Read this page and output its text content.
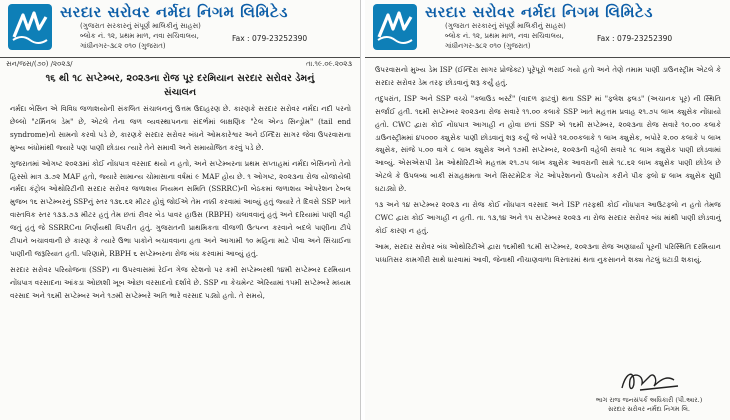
સરદાર સરોવર નર્મદા નિગમ લિમિટેડ
(ગુજરાત સરકારનું સંપૂર્ણ માલિકીનું સાહસ)
બ્લોક નં. ૧૨, પ્રથમ માળ, નવા સચિવાલય,
ગાંધીનગર-૩૮૨ ૦૧૦ (ગુજરાત)
Fax : 079-23252390
સન/જસ/(૭૦) /૨૦૨૩/	તા.૧૯.૦૯.૨૦૨૩
૧૬ થી ૧૮ સપ્ટેમ્બર, ૨૦૨૩ના રોજ પૂર દરમિયાન સરદાર સરોવર ડેમનું
સંચાલન

નર્મદા બેસિન એ વિવિધ જળાશયોની સંકલિત સંચાલનનું ઉત્તમ ઉદાહરણ છે. કારણકે સરદાર સરોવર નર્મદા નદી પરનો છેલ્લો "ટર્મિનલ ડેમ" છે, એટલે તેના જળ વ્યવસ્થાપનના સંદર્ભમાં લાક્ષણિક "ટેલ એન્ડ સિન્ડ્રોમ" (tail end syndrome)નો સામનો કરવો પડે છે, કારણકે સરદાર સરોવર બંધને ઓમકારેશ્વર અને ઈન્દિરા સાગર જેવા ઉપરવાસના મુખ્ય બંધોમાંથી જ્યારે પણ પાણી છોડાય ત્યારે તેને સમાવી અને સમાયોજિત કરવું પડે છે.

ગુજરાતમાં ઓગષ્ટ ૨૦૨૩માં કોઈ નોંધપાત્ર વરસાદ થયો ન હતો, અને સપ્ટેમ્બરના પ્રથમ સપ્તાહમાં નર્મદા બેસિનનો તેનો હિસ્સો માત્ર ૩.૭૨ MAF હતો, જ્યારે સામાન્ય ચોમાસાના વર્ષમાં ૯ MAF હોય છે. ૧ ઓગષ્ટ, ૨૦૨૩ના રોજ યોજાયેલી નર્મદા કંટ્રોલ ઓથોરિટીની સરદાર સરોવર જળાશય નિયમન સમિતિ (SSRRC)ની બેઠકમાં જળાશય ઓપરેશન ટેબલ મુજબ ૧૬ સપ્ટેમ્બરનું SSPનું સ્તર ૧૩૬.૬૨ મીટર હોવું જોઈએ તેમ નક્કી કરવામાં આવ્યું હતું જ્યારે તે દિવસે SSP ખાતે વાસ્તવિક સ્તર ૧૩૩.૭૩ મીટર હતું તેમ છતાં રીવર બેડ પાવર હાઉસ (RBPH) ચલાવવાનું હતું અને દરિયામાં પાણી વહી જતું હતું જે SSRRCના નિર્ણયથી વિપરીત હતું. ગુજરાતની પ્રાથમિકતા વીજળી ઉત્પન્ન કરવાને બદલે પાણીના ટીપે ટીપાને બચાવવાની છે કારણ કે ત્યારે ઉભા પાકોને બચાવવાના હતા અને આગામી ૧૦ મહિના માટે પીવા અને સિંચાઈના પાણીની જરૂરિયાત હતી. પરિણામે, RBPH ૬ સપ્ટેમ્બરના રોજ બંધ કરવામાં આવ્યું હતું.

સરદાર સરોવર પરિયોજના (SSP) ના ઉપરવાસમાં રેઈન ગેજ સ્ટેશનો પર કમી સપ્ટેમ્બરથી ૧૪મી સપ્ટેમ્બર દરમિયાન નોંધપાત્ર વરસાદના આંકડા ઓછાશી ખૂબ ઓછા વરસાદનો દર્શાવે છે. SSP ના કેચમેન્ટ એરિયામાં ૧૫મી સપ્ટેમ્બરે મધ્યમ વરસાદ અને ૧૬મી સપ્ટેમ્બર અને ૧૭મી સપ્ટેમ્બરે અતિ ભારે વરસાદ પડ્યો હતો. તે સમયે,

સરદાર સરોવર નર્મદા નિગમ લિમિટેડ
(ગુજરાત સરકારનું સંપૂર્ણ માલિકીનું સાહસ)
બ્લોક નં. ૧૨, પ્રથમ માળ, નવા સચિવાલય,
ગાંધીનગર-૩૮૨ ૦૧૦ (ગુજરાત)
Fax : 079-23252390

ઉપરવાસનો મુખ્ય ડેમ ISP (ઈન્દિરા સાગર પ્રોજેક્ટ) પૂરેપૂરો ભરાઈ ગયો હતો અને તેણે તમામ પાણી ડાઉનસ્ટ્રીમ એટલે કે સરદાર સરોવર ડેમ તરફ છોડવાનું શરૂ કર્યું હતું.

તદુપરાંત, ISP અને SSP વચ્ચે "ક્લાઉડ બર્સ્ટ" (વાદળ ફાટવું) થતા SSP માં "ફ્લેશ ફ્લડ" (અચાનક પૂર) ની સ્થિતિ સર્જાઈ હતી. ૧૬મી સપ્ટેમ્બર ૨૦૨૩ના રોજ સવારે ૧૧.૦૦ કલાકે SSP ખાતે મહત્તમ પ્રવાહ ૨૧.૭૫ લાખ ક્યુસેક નોંધાયો હતો. CWC દ્વારા કોઈ નોંધપાત્ર આગાહી ન હોવા છતાં SSP એ ૧૬મી સપ્ટેમ્બર, ૨૦૨૩ના રોજ સવારે ૧૦.૦૦ કલાકે ડાઉનસ્ટ્રીમમાં ૪૫૦૦૦ ક્યુસેક પાણી છોડવાનું શરૂ કર્યું જે બપોરે ૧૨.૦૦કલાકે ૧ લાખ ક્યુસેક, બપોરે ૨.૦૦ કલાકે ૫ લાખ ક્યુસેક, સાંજે ૫.૦૦ વાગે ૮ લાખ ક્યુસેક અને ૧૭મી સપ્ટેમ્બર, ૨૦૨૩ની વહેલી સવારે ૧૮ લાખ ક્યુસેક પાણી છોડવામાં આવ્યું. એસએસપી ડેમ ઓથોરિટીએ મહત્તમ ૨૧.૭૫ લાખ ક્યુસેક આવરાની સામે ૧૮.૬૨ લાખ ક્યુસેક પાણી છોડેલ છે એટલે કે ઉપલબ્ધ બાકી સંગ્રહક્ષમતા અને સિસ્ટમેટિક ગેટ ઓપરેશનનો ઉપયોગ કરીને પીક ફ્લો ૪ લાખ ક્યુસેક સુધી ઘટાડ્યો છે.

૧૩ અને ૧૪ સપ્ટેમ્બર ૨૦૨૩ ના રોજ કોઈ નોંધપાત્ર વરસાદ અને ISP તરફથી કોઈ નોંધપાત્ર આઉટફ્લો ન હતો તેમજ CWC દ્વારા કોઈ આગાહી ન હતી. તા. ૧૩,૧૪ અને ૧૫ સપ્ટેમ્બર ૨૦૨૩ ના રોજ સરદાર સરોવર બંધ માંથી પાણી છોડવાનું કોઈ કારણ ન હતું.

આમ, સરદાર સરોવર બંધ ઓથોરિટીએ દ્વારા ૧૬મીથી ૧૮મી સપ્ટેમ્બર, ૨૦૨૩ના રોજ અણધાર્યા પૂરની પરિસ્થિતિ દરમિયાન પધ્ધતિસર કામગીરી સાથે ધારવામાં આવી, જેનાથી નીચાણવાળા વિસ્તારમાં થતા નુકસાનને શક્ય તેટલું ઘટાડી શકાયું.

ભાગ રાજ જનસંપર્ક અધિકારી (પી.આર.)
સરદાર સરોવર નર્મદા નિગમ લિ.
